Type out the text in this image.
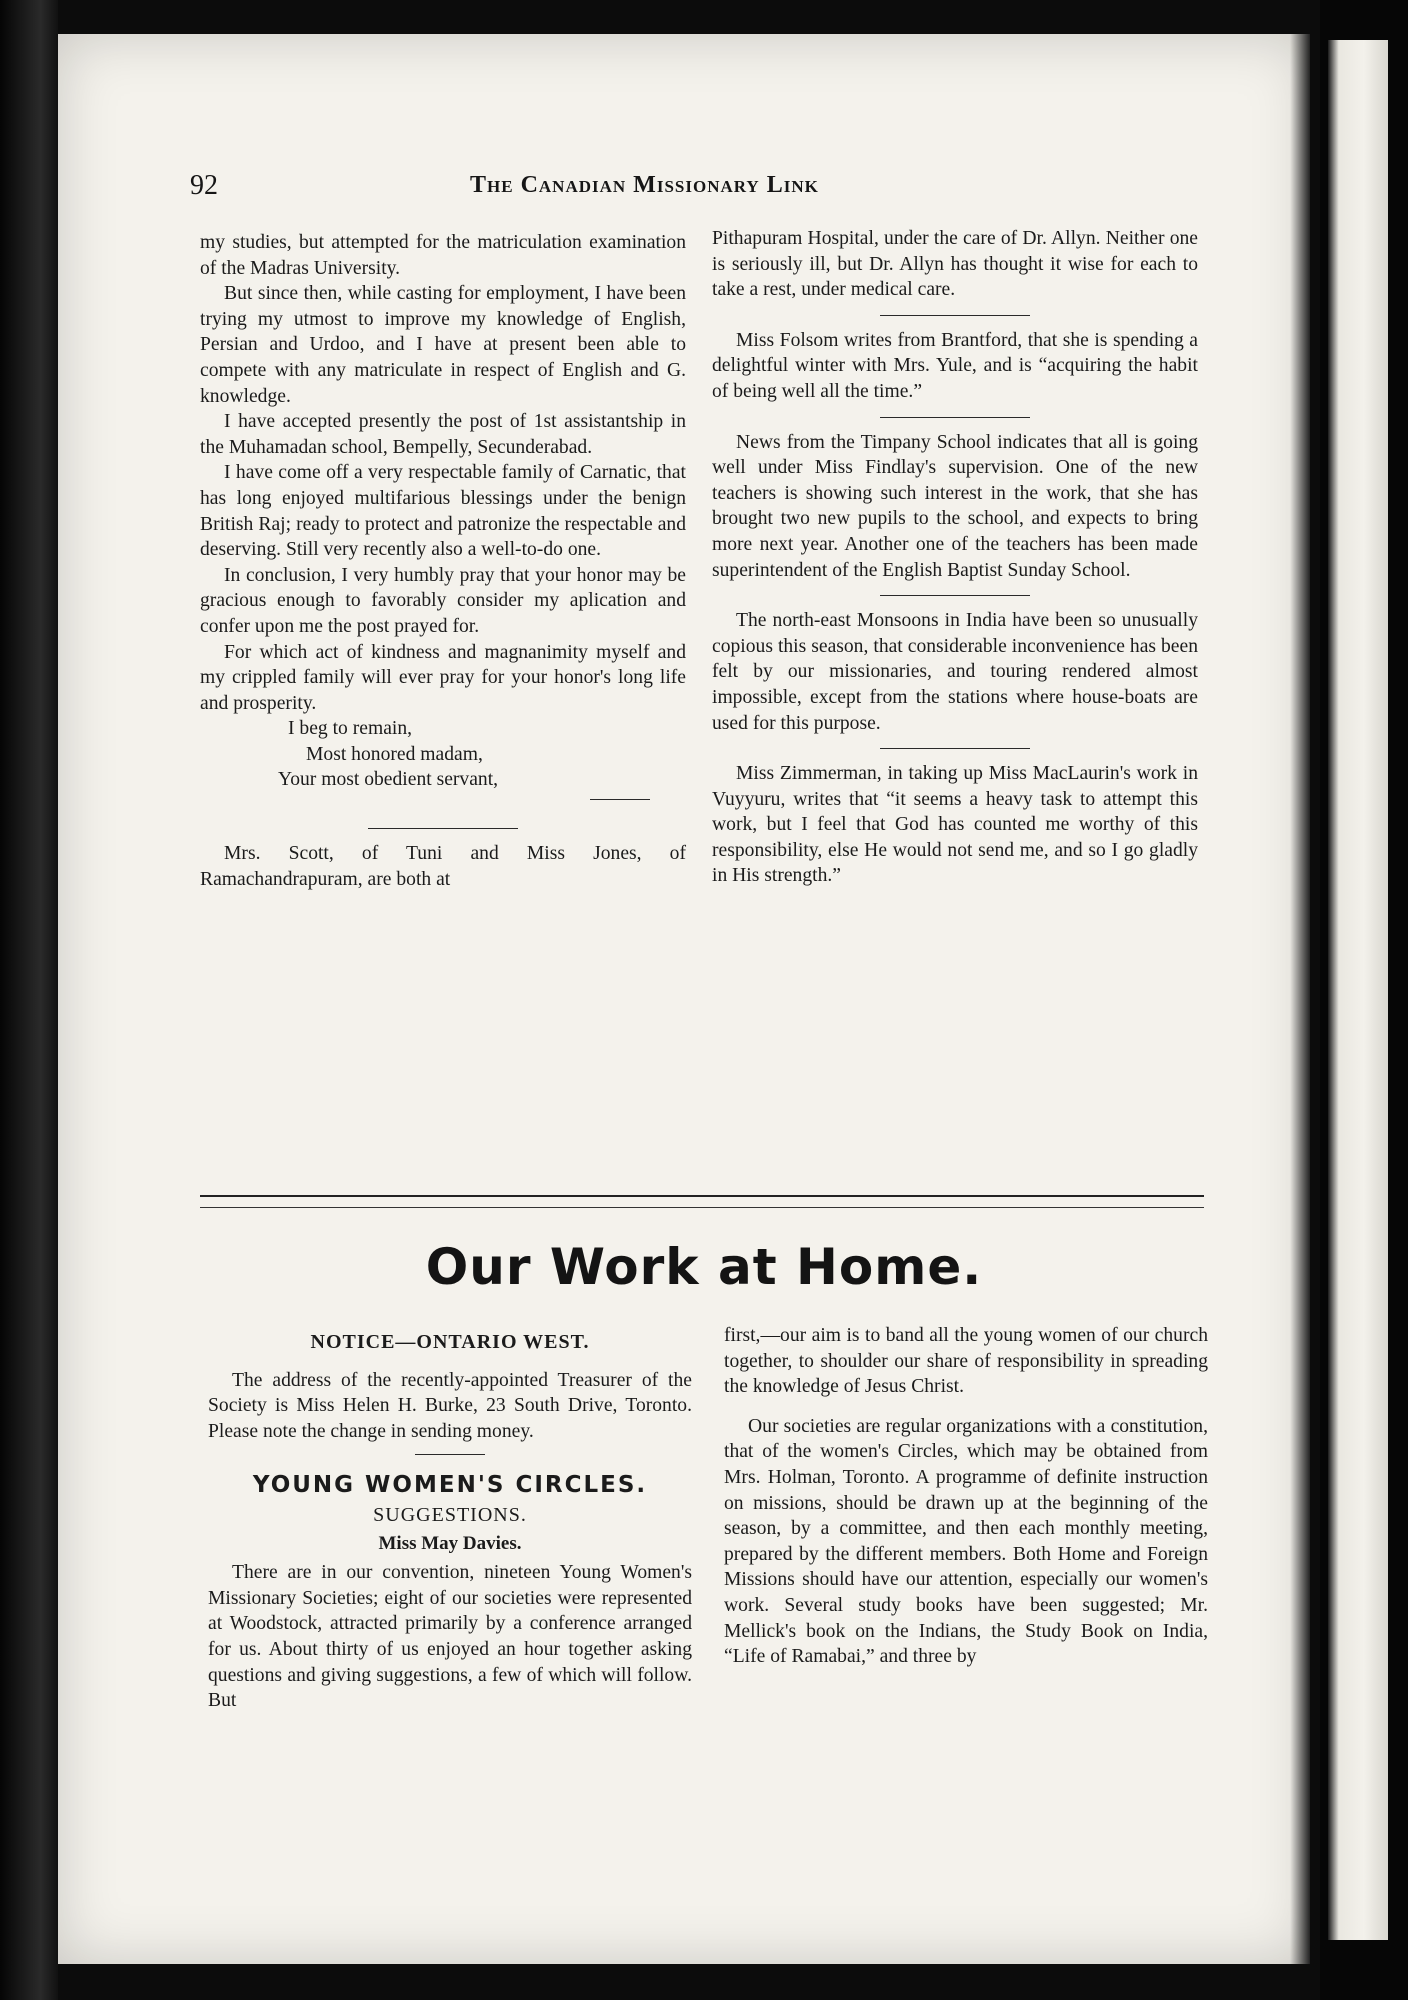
92	The Canadian Missionary Link

my studies, but attempted for the matriculation examination of the Madras University.

But since then, while casting for employment, I have been trying my utmost to improve my knowledge of English, Persian and Urdoo, and I have at present been able to compete with any matriculate in respect of English and G. knowledge.

I have accepted presently the post of 1st assistantship in the Muhamadan school, Bempelly, Secunderabad.

I have come off a very respectable family of Carnatic, that has long enjoyed multifarious blessings under the benign British Raj; ready to protect and patronize the respectable and deserving. Still very recently also a well-to-do one.

In conclusion, I very humbly pray that your honor may be gracious enough to favorably consider my aplication and confer upon me the post prayed for.

For which act of kindness and magnanimity myself and my crippled family will ever pray for your honor's long life and prosperity.

I beg to remain,
Most honored madam,
Your most obedient servant,

Mrs. Scott, of Tuni and Miss Jones, of Ramachandrapuram, are both at

Pithapuram Hospital, under the care of Dr. Allyn. Neither one is seriously ill, but Dr. Allyn has thought it wise for each to take a rest, under medical care.

Miss Folsom writes from Brantford, that she is spending a delightful winter with Mrs. Yule, and is “acquiring the habit of being well all the time.”

News from the Timpany School indicates that all is going well under Miss Findlay's supervision. One of the new teachers is showing such interest in the work, that she has brought two new pupils to the school, and expects to bring more next year. Another one of the teachers has been made superintendent of the English Baptist Sunday School.

The north-east Monsoons in India have been so unusually copious this season, that considerable inconvenience has been felt by our missionaries, and touring rendered almost impossible, except from the stations where house-boats are used for this purpose.

Miss Zimmerman, in taking up Miss MacLaurin's work in Vuyyuru, writes that “it seems a heavy task to attempt this work, but I feel that God has counted me worthy of this responsibility, else He would not send me, and so I go gladly in His strength.”

Our Work at Home.
NOTICE—ONTARIO WEST.

The address of the recently-appointed Treasurer of the Society is Miss Helen H. Burke, 23 South Drive, Toronto. Please note the change in sending money.

YOUNG WOMEN'S CIRCLES.
SUGGESTIONS.
Miss May Davies.

There are in our convention, nineteen Young Women's Missionary Societies; eight of our societies were represented at Woodstock, attracted primarily by a conference arranged for us. About thirty of us enjoyed an hour together asking questions and giving suggestions, a few of which will follow. But

first,—our aim is to band all the young women of our church together, to shoulder our share of responsibility in spreading the knowledge of Jesus Christ.

Our societies are regular organizations with a constitution, that of the women's Circles, which may be obtained from Mrs. Holman, Toronto. A programme of definite instruction on missions, should be drawn up at the beginning of the season, by a committee, and then each monthly meeting, prepared by the different members. Both Home and Foreign Missions should have our attention, especially our women's work. Several study books have been suggested; Mr. Mellick's book on the Indians, the Study Book on India, “Life of Ramabai,” and three by
